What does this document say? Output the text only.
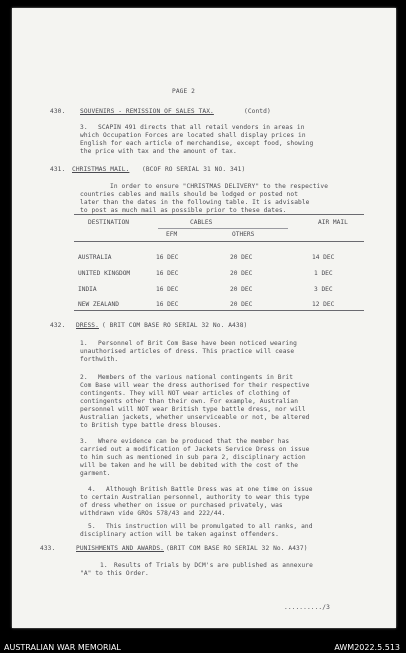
PAGE 2
430. SOUVENIRS - REMISSION OF SALES TAX.	(Contd)
3. SCAPIN 491 directs that all retail vendors in areas in
which Occupation Forces are located shall display prices in
English for each article of merchandise, except food, showing
the price with tax and the amount of tax.
431. CHRISTMAS MAIL. (BCOF RO SERIAL 31 NO. 341)
In order to ensure "CHRISTMAS DELIVERY" to the respective
countries cables and mails should be lodged or posted not
later than the dates in the following table. It is advisable
to post as much mail as possible prior to these dates.
DESTINATION	CABLES	AIR MAIL
EFM	OTHERS
AUSTRALIA	16 DEC	20 DEC	14 DEC
UNITED KINGDOM	16 DEC	20 DEC	1 DEC
INDIA	16 DEC	20 DEC	3 DEC
NEW ZEALAND	16 DEC	20 DEC	12 DEC
432. DRESS. ( BRIT COM BASE RO SERIAL 32 No. A438)
1. Personnel of Brit Com Base have been noticed wearing
unauthorised articles of dress. This practice will cease
forthwith.
2. Members of the various national contingents in Brit
Com Base will wear the dress authorised for their respective
contingents. They will NOT wear articles of clothing of
contingents other than their own. For example, Australian
personnel will NOT wear British type battle dress, nor will
Australian jackets, whether unserviceable or not, be altered
to British type battle dress blouses.
3. Where evidence can be produced that the member has
carried out a modification of Jackets Service Dress on issue
to him such as mentioned in sub para 2, disciplinary action
will be taken and he will be debited with the cost of the
garment.
4. Although British Battle Dress was at one time on issue
to certain Australian personnel, authority to wear this type
of dress whether on issue or purchased privately, was
withdrawn vide GROs 578/43 and 222/44.
5. This instruction will be promulgated to all ranks, and
disciplinary action will be taken against offenders.
433.	PUNISHMENTS AND AWARDS. (BRIT COM BASE RO SERIAL 32 No. A437)
1. Results of Trials by DCM's are published as annexure
"A" to this Order.
........../3
AUSTRALIAN WAR MEMORIAL	AWM2022.5.513
